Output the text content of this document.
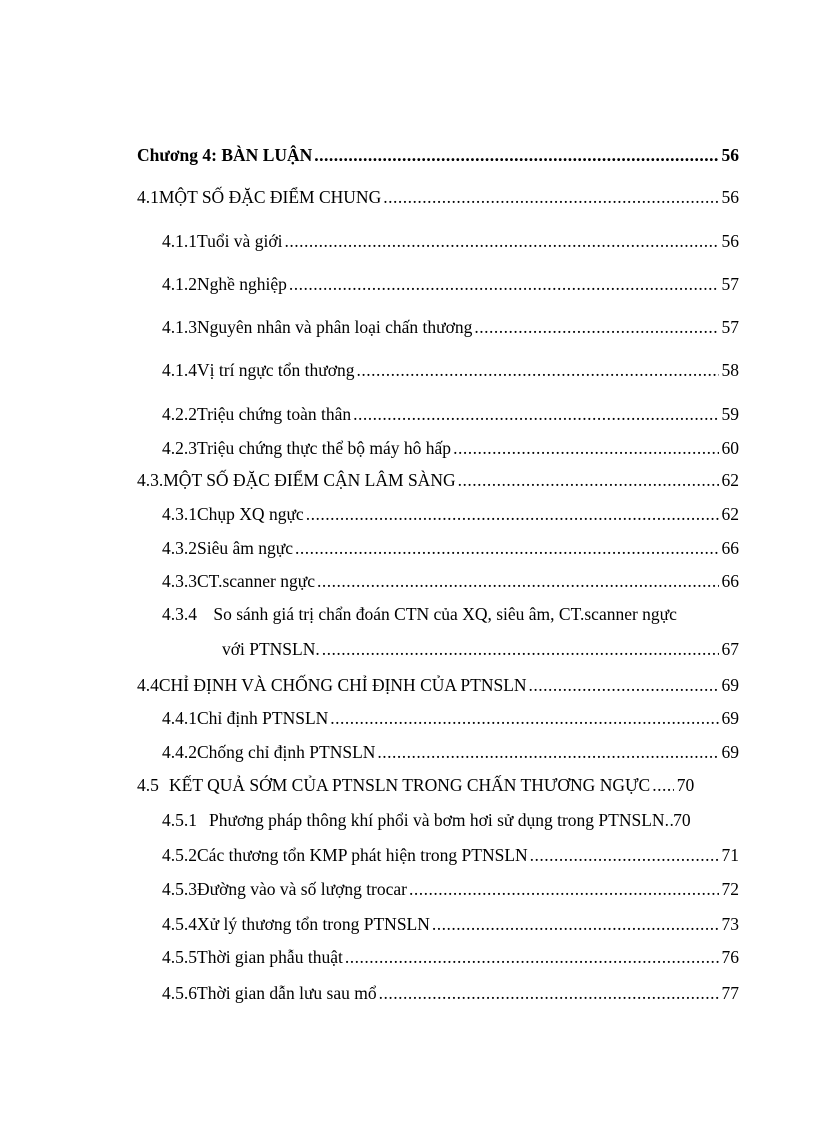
Chương 4: BÀN LUẬN .....	56
4.1 MỘT SỐ ĐẶC ĐIỂM CHUNG .....	56
4.1.1 Tuổi và giới .....	56
4.1.2 Nghề nghiệp .....	57
4.1.3 Nguyên nhân và phân loại chấn thương .....	57
4.1.4 Vị trí ngực tổn thương .....	58
4.2.2 Triệu chứng toàn thân .....	59
4.2.3 Triệu chứng thực thể bộ máy hô hấp .....	60
4.3. MỘT SỐ ĐẶC ĐIỂM CẬN LÂM SÀNG .....	62
4.3.1 Chụp XQ ngực .....	62
4.3.2 Siêu âm ngực .....	66
4.3.3 CT.scanner ngực .....	66
4.3.4 So sánh giá trị chẩn đoán CTN của XQ, siêu âm, CT.scanner ngực
với PTNSLN. .....	67
4.4 CHỈ ĐỊNH VÀ CHỐNG CHỈ ĐỊNH CỦA PTNSLN .....	69
4.4.1 Chỉ định PTNSLN .....	69
4.4.2 Chống chỉ định PTNSLN .....	69
4.5 KẾT QUẢ SỚM CỦA PTNSLN TRONG CHẤN THƯƠNG NGỰC ..... 70
4.5.1 Phương pháp thông khí phổi và bơm hơi sử dụng trong PTNSLN ..... 70
4.5.2 Các thương tổn KMP phát hiện trong PTNSLN .....	71
4.5.3 Đường vào và số lượng trocar .....	72
4.5.4 Xử lý thương tổn trong PTNSLN .....	73
4.5.5 Thời gian phẫu thuật .....	76
4.5.6 Thời gian dẫn lưu sau mổ .....	77
